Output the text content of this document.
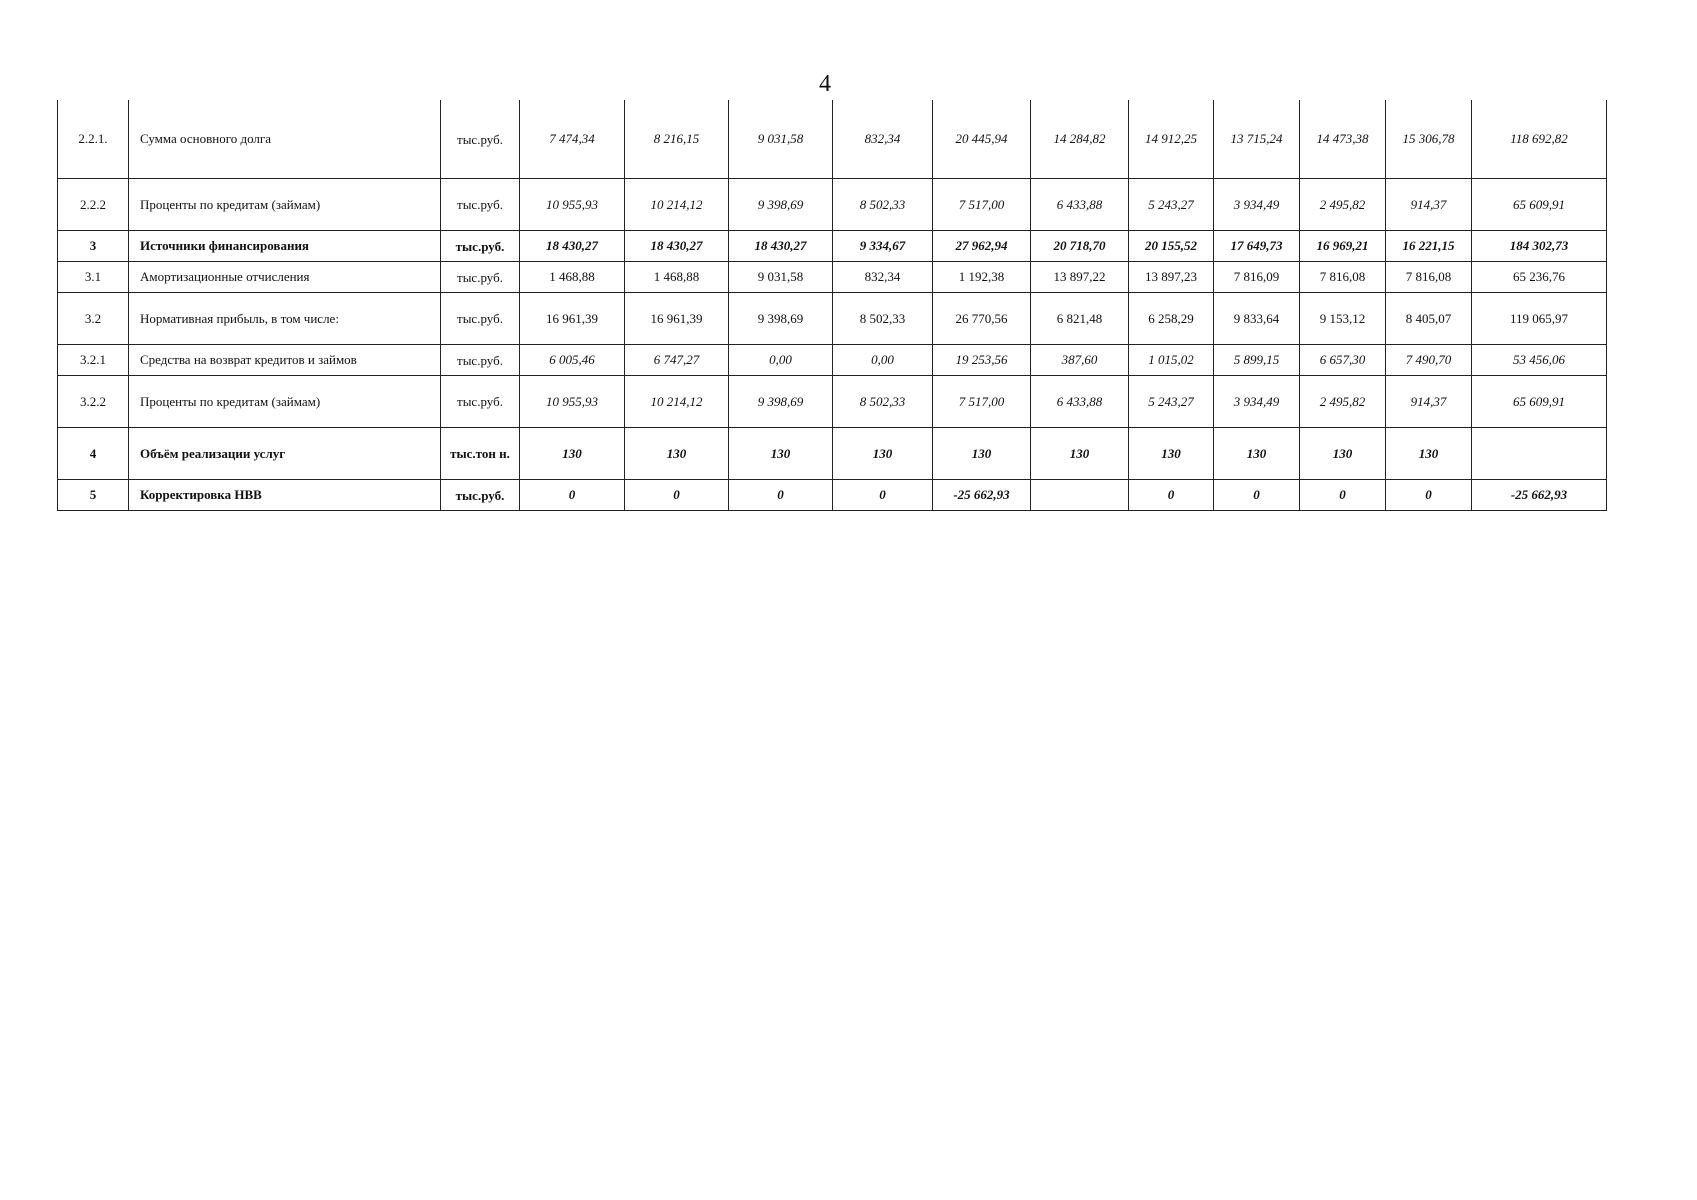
4
2.2.1.	Сумма основного долга	тыс.руб.	7 474,34	8 216,15	9 031,58	832,34	20 445,94	14 284,82	14 912,25	13 715,24	14 473,38	15 306,78	118 692,82
2.2.2	Проценты по кредитам (займам)	тыс.руб.	10 955,93	10 214,12	9 398,69	8 502,33	7 517,00	6 433,88	5 243,27	3 934,49	2 495,82	914,37	65 609,91
3	Источники финансирования	тыс.руб.	18 430,27	18 430,27	18 430,27	9 334,67	27 962,94	20 718,70	20 155,52	17 649,73	16 969,21	16 221,15	184 302,73
3.1	Амортизационные отчисления	тыс.руб.	1 468,88	1 468,88	9 031,58	832,34	1 192,38	13 897,22	13 897,23	7 816,09	7 816,08	7 816,08	65 236,76
3.2	Нормативная прибыль, в том числе:	тыс.руб.	16 961,39	16 961,39	9 398,69	8 502,33	26 770,56	6 821,48	6 258,29	9 833,64	9 153,12	8 405,07	119 065,97
3.2.1	Средства на возврат кредитов и займов	тыс.руб.	6 005,46	6 747,27	0,00	0,00	19 253,56	387,60	1 015,02	5 899,15	6 657,30	7 490,70	53 456,06
3.2.2	Проценты по кредитам (займам)	тыс.руб.	10 955,93	10 214,12	9 398,69	8 502,33	7 517,00	6 433,88	5 243,27	3 934,49	2 495,82	914,37	65 609,91
4	Объём реализации услуг	тыс.тон н.	130	130	130	130	130	130	130	130	130	130	
5	Корректировка НВВ	тыс.руб.	0	0	0	0	-25 662,93		0	0	0	0	-25 662,93
